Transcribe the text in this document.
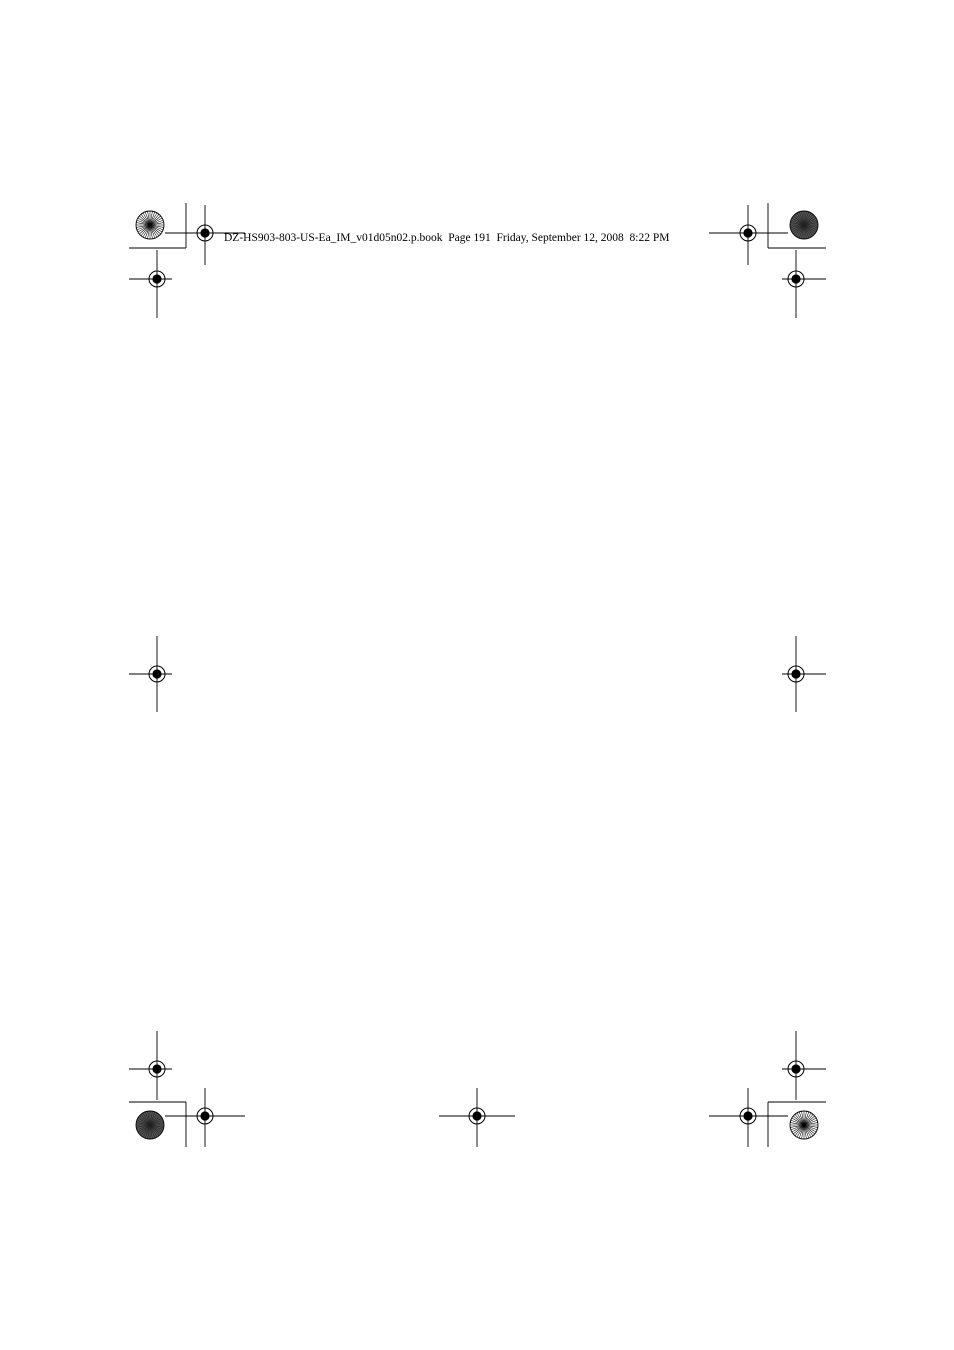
DZ-HS903-803-US-Ea_IM_v01d05n02.p.book  Page 191  Friday, September 12, 2008  8:22 PM
